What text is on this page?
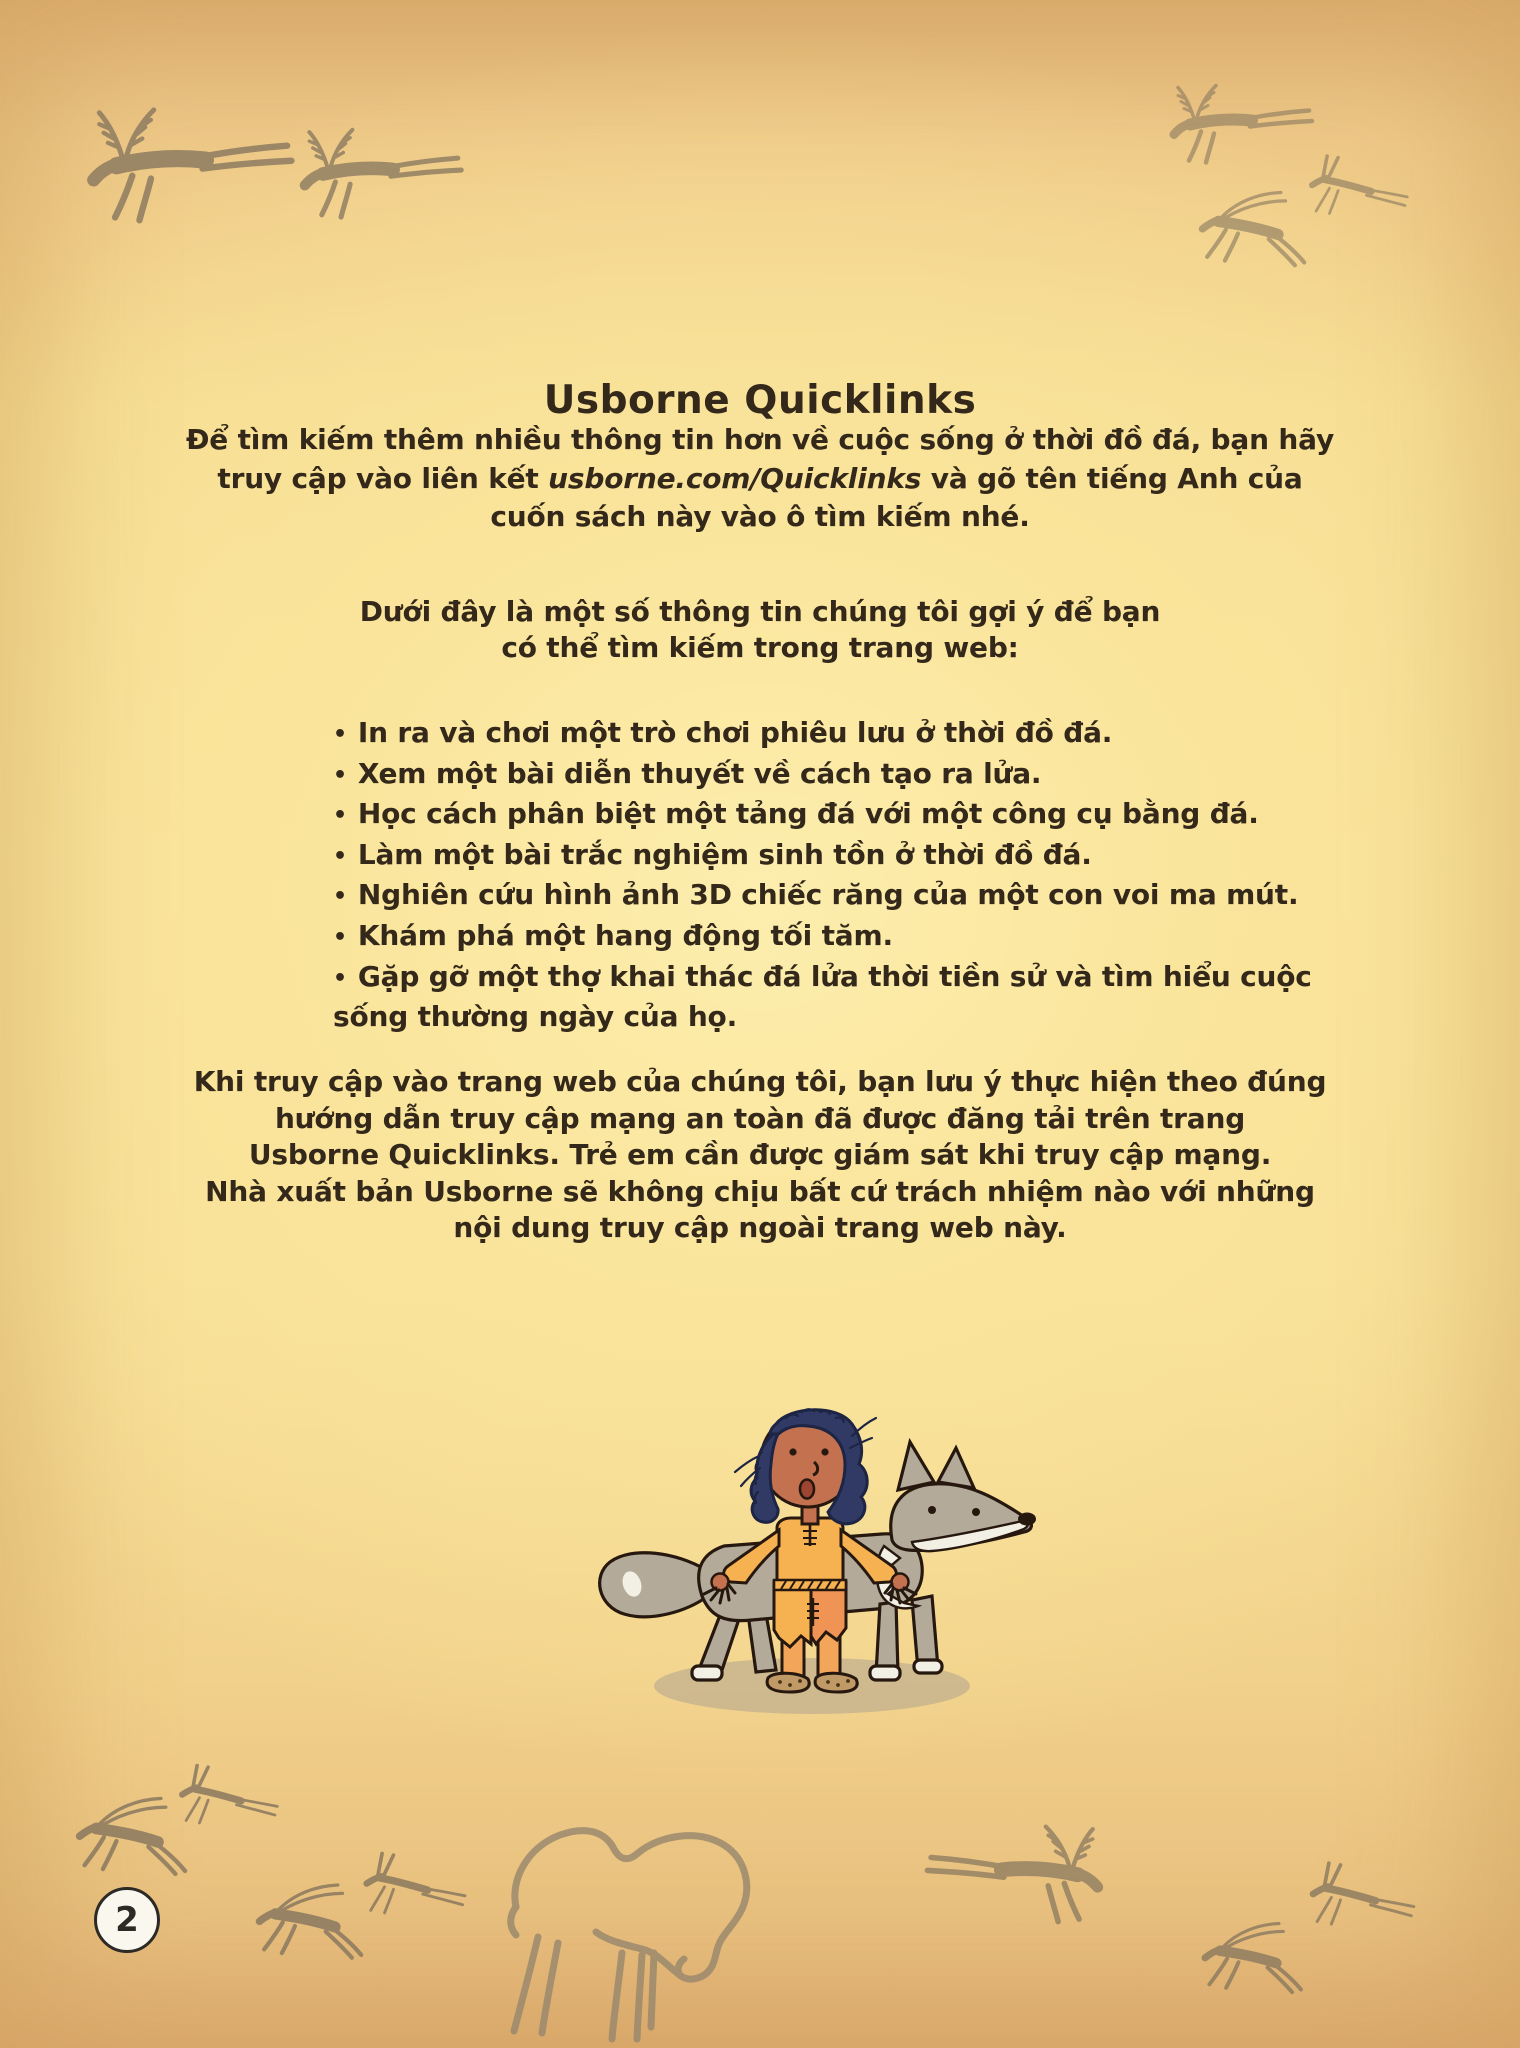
Usborne Quicklinks
Để tìm kiếm thêm nhiều thông tin hơn về cuộc sống ở thời đồ đá, bạn hãy
truy cập vào liên kết usborne.com/Quicklinks và gõ tên tiếng Anh của
cuốn sách này vào ô tìm kiếm nhé.
Dưới đây là một số thông tin chúng tôi gợi ý để bạn
có thể tìm kiếm trong trang web:
• In ra và chơi một trò chơi phiêu lưu ở thời đồ đá.
• Xem một bài diễn thuyết về cách tạo ra lửa.
• Học cách phân biệt một tảng đá với một công cụ bằng đá.
• Làm một bài trắc nghiệm sinh tồn ở thời đồ đá.
• Nghiên cứu hình ảnh 3D chiếc răng của một con voi ma mút.
• Khám phá một hang động tối tăm.
• Gặp gỡ một thợ khai thác đá lửa thời tiền sử và tìm hiểu cuộc sống thường ngày của họ.
Khi truy cập vào trang web của chúng tôi, bạn lưu ý thực hiện theo đúng
hướng dẫn truy cập mạng an toàn đã được đăng tải trên trang
Usborne Quicklinks. Trẻ em cần được giám sát khi truy cập mạng.
Nhà xuất bản Usborne sẽ không chịu bất cứ trách nhiệm nào với những
nội dung truy cập ngoài trang web này.
2
